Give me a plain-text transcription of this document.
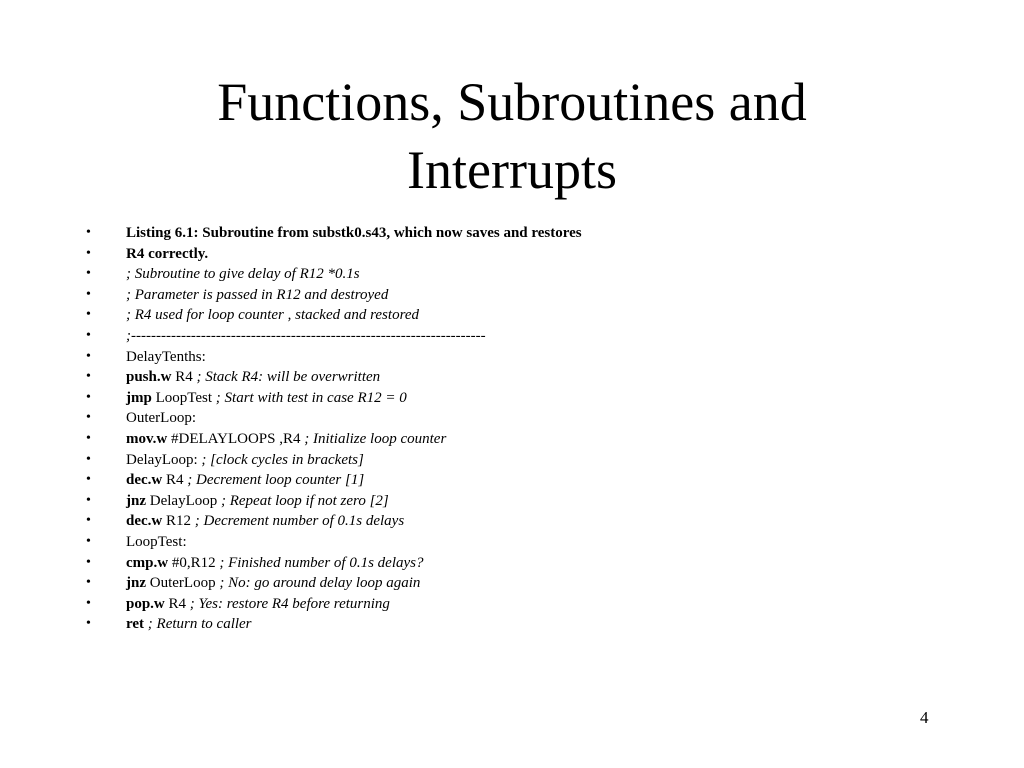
Functions, Subroutines and
Interrupts
• Listing 6.1: Subroutine from substk0.s43, which now saves and restores
• R4 correctly.
• ; Subroutine to give delay of R12 *0.1s
• ; Parameter is passed in R12 and destroyed
• ; R4 used for loop counter , stacked and restored
• ;-----------------------------------------------------------------------
• DelayTenths:
• push.w R4 ; Stack R4: will be overwritten
• jmp LoopTest ; Start with test in case R12 = 0
• OuterLoop:
• mov.w #DELAYLOOPS ,R4 ; Initialize loop counter
• DelayLoop: ; [clock cycles in brackets]
• dec.w R4 ; Decrement loop counter [1]
• jnz DelayLoop ; Repeat loop if not zero [2]
• dec.w R12 ; Decrement number of 0.1s delays
• LoopTest:
• cmp.w #0,R12 ; Finished number of 0.1s delays?
• jnz OuterLoop ; No: go around delay loop again
• pop.w R4 ; Yes: restore R4 before returning
• ret ; Return to caller
4
